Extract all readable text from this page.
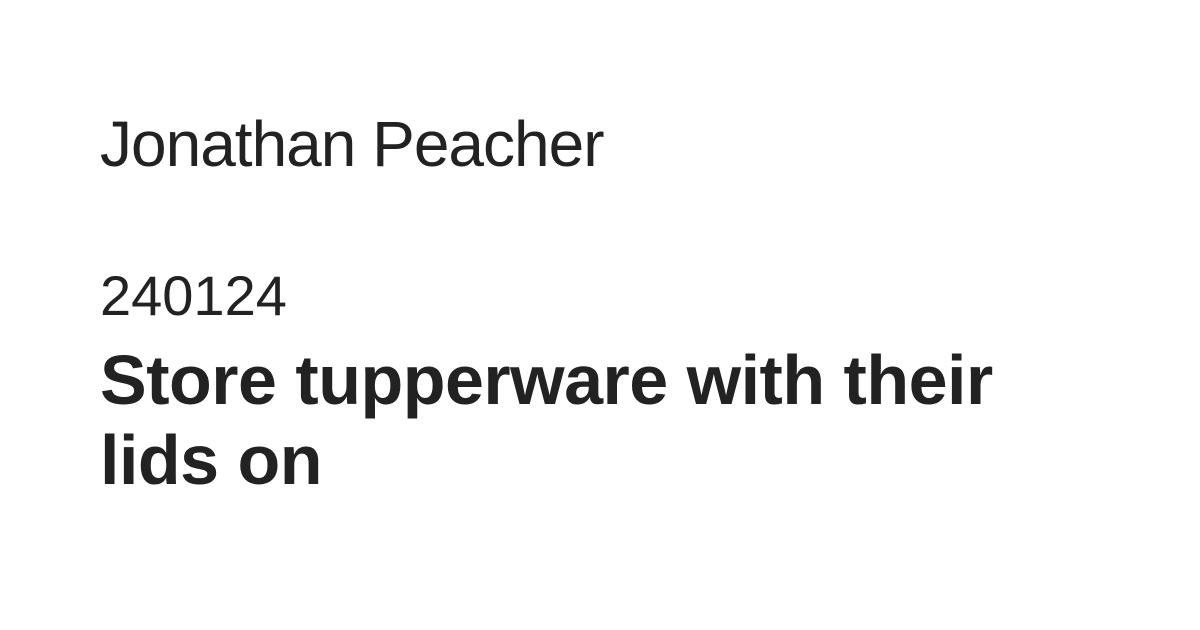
Jonathan Peacher

240124

Store tupperware with their lids on
